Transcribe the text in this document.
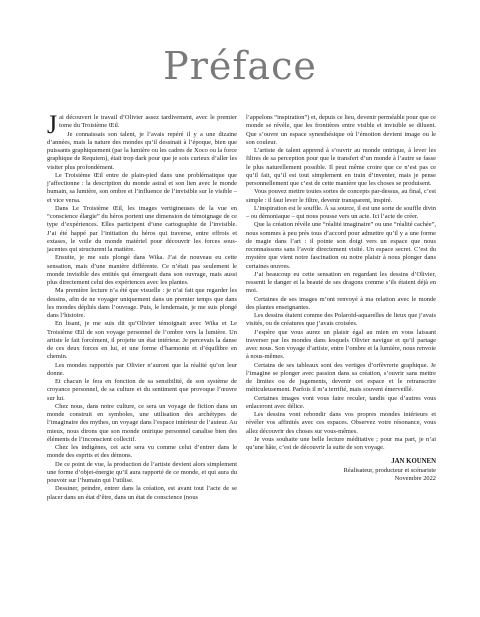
Préface

Jai découvert le travail d’Olivier assez tardivement, avec le premier tome du Troisième Œil.

Je connaissais son talent, je l’avais repéré il y a une dizaine d’années, mais la nature des mondes qu’il dessinait à l’époque, bien que puissants graphiquement (par la lumière ou les cadres de Xoco ou la force graphique de Requiem), était trop dark pour que je sois curieux d’aller les visiter plus profondément.

Le Troisième Œil entre de plain-pied dans une problématique que j’affectionne : la description du monde astral et son lien avec le monde humain, sa lumière, son ombre et l’influence de l’invisible sur le visible – et vice versa.

Dans Le Troisième Œil, les images vertigineuses de la vue en “conscience élargie” du héros portent une dimension de témoignage de ce type d’expériences. Elles participent d’une cartographie de l’invisible. J’ai été happé par l’initiation du héros qui traverse, entre effrois et extases, le voile du monde matériel pour découvrir les forces sous-jacentes qui structurent la matière.

Ensuite, je me suis plongé dans Wika. J’ai de nouveau eu cette sensation, mais d’une manière différente. Ce n’était pas seulement le monde invisible des entités qui émergeait dans son ouvrage, mais aussi plus directement celui des expériences avec les plantes.

Ma première lecture n’a été que visuelle : je n’ai fait que regarder les dessins, afin de ne voyager uniquement dans un premier temps que dans les mondes dépliés dans l’ouvrage. Puis, le lendemain, je me suis plongé dans l’histoire.

En lisant, je me suis dit qu’Olivier témoignait avec Wika et Le Troisième Œil de son voyage personnel de l’ombre vers la lumière. Un artiste le fait forcément, il projette un état intérieur. Je percevais la danse de ces deux forces en lui, et une forme d’harmonie et d’équilibre en chemin.

Les mondes rapportés par Olivier n’auront que la réalité qu’on leur donne.

Et chacun le fera en fonction de sa sensibilité, de son système de croyance personnel, de sa culture et du sentiment que provoque l’œuvre sur lui.

Chez nous, dans notre culture, ce sera un voyage de fiction dans un monde construit en symboles, une utilisation des archétypes de l’imaginaire des mythes, un voyage dans l’espace intérieur de l’auteur. Au mieux, nous dirons que son monde onirique personnel canalise bien des éléments de l’inconscient collectif.

Chez les indigènes, cet acte sera vu comme celui d’entrer dans le monde des esprits et des démons.

De ce point de vue, la production de l’artiste devient alors simplement une forme d’objet-énergie qu’il aura rapporté de ce monde, et qui aura du pouvoir sur l’humain qui l’utilise.

Dessiner, peindre, entrer dans la création, est avant tout l’acte de se placer dans un état d’être, dans un état de conscience (nous

l’appelons “inspiration”) et, depuis ce lieu, devenir perméable pour que ce monde se révèle, que les frontières entre visible et invisible se diluent. Que s’ouvre un espace synesthésique où l’émotion devient image ou le son couleur.

L’artiste de talent apprend à s’ouvrir au monde onirique, à lever les filtres de sa perception pour que le transfert d’un monde à l’autre se fasse le plus naturellement possible. Il peut même croire que ce n’est pas ce qu’il fait, qu’il est tout simplement en train d’inventer, mais je pense personnellement que c’est de cette manière que les choses se produisent.

Vous pouvez mettre toutes sortes de concepts par-dessus, au final, c’est simple : il faut lever le filtre, devenir transparent, inspiré.

L’inspiration est le souffle. À sa source, il est une sorte de souffle divin – ou démoniaque – qui nous pousse vers un acte. Ici l’acte de créer.

Que la création révèle une “réalité imaginaire” ou une “réalité cachée”, nous sommes à peu près tous d’accord pour admettre qu’il y a une forme de magie dans l’art : il pointe son doigt vers un espace que nous reconnaissons sans l’avoir directement visité. Un espace secret. C’est du mystère que vient notre fascination ou notre plaisir à nous plonger dans certaines œuvres.

J’ai beaucoup eu cette sensation en regardant les dessins d’Olivier, ressenti le danger et la beauté de ses dragons comme s’ils étaient déjà en moi.

Certaines de ses images m’ont renvoyé à ma relation avec le monde des plantes enseignantes.

Les dessins étaient comme des Polaroïd-aquarelles de lieux que j’avais visités, ou de créatures que j’avais croisées.

J’espère que vous aurez un plaisir égal au mien en vous laissant traverser par les mondes dans lesquels Olivier navigue et qu’il partage avec nous. Son voyage d’artiste, entre l’ombre et la lumière, nous renvoie à nous-mêmes.

Certains de ses tableaux sont des vertiges d’orfèvrerie graphique. Je l’imagine se plonger avec passion dans sa création, s’ouvrir sans mettre de limites ou de jugements, devenir cet espace et le retranscrire méticuleusement. Parfois il m’a terrifié, mais souvent émerveillé.

Certaines images vont vous faire reculer, tandis que d’autres vous enlaceront avec délice.

Les dessins vont rebondir dans vos propres mondes intérieurs et révéler vos affinités avec ces espaces. Observez votre résonance, vous allez découvrir des choses sur vous-mêmes.

Je vous souhaite une belle lecture méditative ; pour ma part, je n’ai qu’une hâte, c’est de découvrir la suite de son voyage.

JAN KOUNEN
Réalisateur, producteur et scénariste
Novembre 2022
